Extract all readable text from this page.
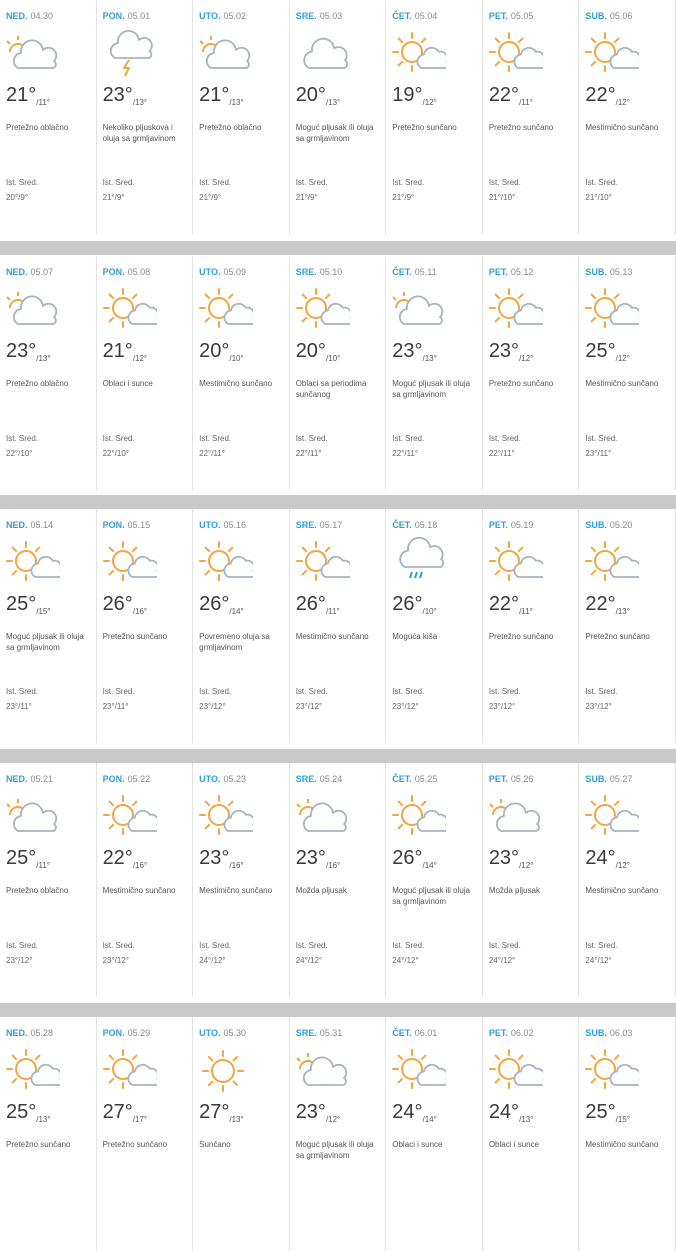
NED. 04.30
$21^\circ_{/11^\circ}$
Pretežno oblačno
Ist. Sred.
20°/9°
PON. 05.01
$23^\circ_{/13^\circ}$
Nekoliko pljuskova i oluja sa grmljavinom
Ist. Sred.
21°/9°
UTO. 05.02
$21^\circ_{/13^\circ}$
Pretežno oblačno
Ist. Sred.
21°/9°
SRE. 05.03
$20^\circ_{/13^\circ}$
Moguć pljusak ili oluja sa grmljavinom
Ist. Sred.
21°/9°
ČET. 05.04
$19^\circ_{/12^\circ}$
Pretežno sunčano
Ist. Sred.
21°/9°
PET. 05.05
$22^\circ_{/11^\circ}$
Pretežno sunčano
Ist. Sred.
21°/10°
SUB. 05.06
$22^\circ_{/12^\circ}$
Mestimično sunčano
Ist. Sred.
21°/10°
NED. 05.07
$23^\circ_{/13^\circ}$
Pretežno oblačno
Ist. Sred.
22°/10°
PON. 05.08
$21^\circ_{/12^\circ}$
Oblaci i sunce
Ist. Sred.
22°/10°
UTO. 05.09
$20^\circ_{/10^\circ}$
Mestimično sunčano
Ist. Sred.
22°/11°
SRE. 05.10
$20^\circ_{/10^\circ}$
Oblaci sa periodima sunčanog
Ist. Sred.
22°/11°
ČET. 05.11
$23^\circ_{/13^\circ}$
Moguć pljusak ili oluja sa grmljavinom
Ist. Sred.
22°/11°
PET. 05.12
$23^\circ_{/12^\circ}$
Pretežno sunčano
Ist. Sred.
22°/11°
SUB. 05.13
$25^\circ_{/12^\circ}$
Mestimično sunčano
Ist. Sred.
23°/11°
NED. 05.14
$25^\circ_{/15^\circ}$
Moguć pljusak ili oluja sa grmljavinom
Ist. Sred.
23°/11°
PON. 05.15
$26^\circ_{/16^\circ}$
Pretežno sunčano
Ist. Sred.
23°/11°
UTO. 05.16
$26^\circ_{/14^\circ}$
Povremeno oluja sa grmljavinom
Ist. Sred.
23°/12°
SRE. 05.17
$26^\circ_{/11^\circ}$
Mestimično sunčano
Ist. Sred.
23°/12°
ČET. 05.18
$26^\circ_{/10^\circ}$
Moguća kiša
Ist. Sred.
23°/12°
PET. 05.19
$22^\circ_{/11^\circ}$
Pretežno sunčano
Ist. Sred.
23°/12°
SUB. 05.20
$22^\circ_{/13^\circ}$
Pretežno sunčano
Ist. Sred.
23°/12°
NED. 05.21
$25^\circ_{/11^\circ}$
Pretežno oblačno
Ist. Sred.
23°/12°
PON. 05.22
$22^\circ_{/16^\circ}$
Mestimično sunčano
Ist. Sred.
23°/12°
UTO. 05.23
$23^\circ_{/16^\circ}$
Mestimično sunčano
Ist. Sred.
24°/12°
SRE. 05.24
$23^\circ_{/16^\circ}$
Možda pljusak
Ist. Sred.
24°/12°
ČET. 05.25
$26^\circ_{/14^\circ}$
Moguć pljusak ili oluja sa grmljavinom
Ist. Sred.
24°/12°
PET. 05.26
$23^\circ_{/12^\circ}$
Možda pljusak
Ist. Sred.
24°/12°
SUB. 05.27
$24^\circ_{/12^\circ}$
Mestimično sunčano
Ist. Sred.
24°/12°
NED. 05.28
$25^\circ_{/13^\circ}$
Pretežno sunčano
PON. 05.29
$27^\circ_{/17^\circ}$
Pretežno sunčano
UTO. 05.30
$27^\circ_{/13^\circ}$
Sunčano
SRE. 05.31
$23^\circ_{/12^\circ}$
Moguć pljusak ili oluja sa grmljavinom
ČET. 06.01
$24^\circ_{/14^\circ}$
Oblaci i sunce
PET. 06.02
$24^\circ_{/13^\circ}$
Oblaci i sunce
SUB. 06.03
$25^\circ_{/15^\circ}$
Mestimično sunčano
